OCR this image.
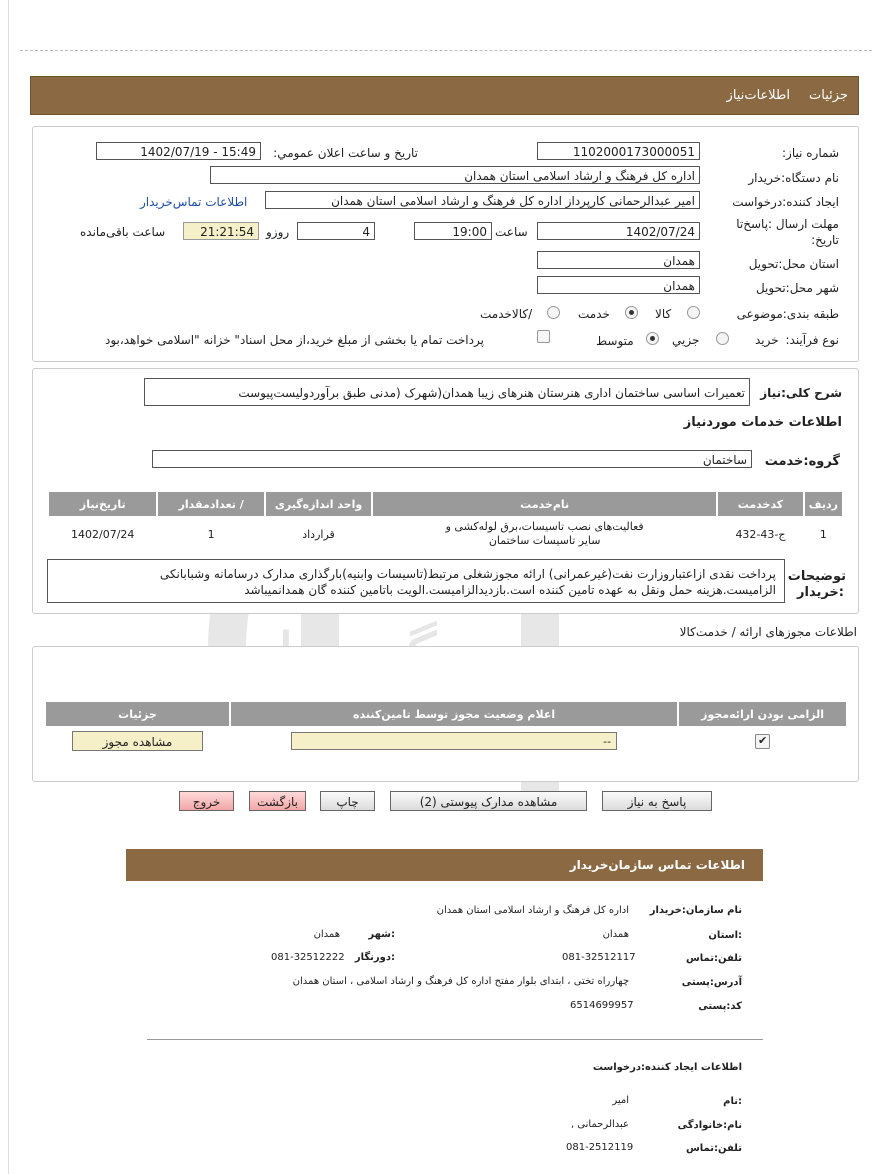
جزئیات
اطلاعات‌نیاز
شماره نیاز:
1102000173000051
تاریخ و ساعت اعلان عمومي:
1402/07/19 - 15:49
نام دستگاه:خریدار
اداره کل فرهنگ و ارشاد اسلامی استان همدان
ایجاد کننده:درخواست
امیر عبدالرحمانی کارپرداز اداره کل فرهنگ و ارشاد اسلامی استان همدان
اطلاعات تماس‌خریدار
مهلت ارسال :پاسخ‌تا
تاریخ:
1402/07/24
ساعت
19:00
4
روزو
21:21:54
ساعت باقی‌مانده
استان محل:تحویل
همدان
شهر محل:تحویل
همدان
طبقه بندی:موضوعی
کالا
خدمت
/کالاخدمت
نوع فرآیند:
خرید
جزیي
متوسط
پرداخت تمام یا بخشی از مبلغ خرید،از محل اسناد" خزانه "اسلامی خواهد،بود
شرح کلی:نیاز
تعمیرات اساسی ساختمان اداری هنرستان هنرهای زیبا همدان(شهرک (مدنی طبق برآوردولیست‌پیوست
اطلاعات خدمات موردنیاز
گروه:خدمت
ساختمان
ردیف	کدخدمت	نام‌خدمت	واحد اندازه‌گیری	/ تعدادمقدار	تاریخ‌نیاز
1	ج-43-432	فعالیت‌های نصب تاسیسات،برق لوله‌کشی و
سایر تاسیسات ساختمان	قرارداد	1	1402/07/24
توضیحات
:خریدار
پرداخت نقدی ازاعتباروزارت نفت(غیرعمرانی) ارائه مجوزشغلی مرتبط(تاسیسات وابنیه)بارگذاری مدارک درسامانه وشبابانکی
الزامیست.هزینه حمل ونقل به عهده تامین کننده است.بازدیدالزامیست.الویت باتامین کننده گان همدانمیباشد
اطلاعات مجوزهای ارائه / خدمت‌کالا
الزامی بودن ارائه‌مجوز	اعلام وضعیت مجوز توسط تامین‌کننده	جزئیات
✔	--	مشاهده مجوز
پاسخ به نیاز
مشاهده مدارک پیوستی (2)
چاپ
بازگشت
خروج
اطلاعات تماس سازمان‌خریدار
نام سازمان:خریدار
اداره کل فرهنگ و ارشاد اسلامی استان همدان
:استان
همدان
:شهر
همدان
تلفن:تماس
081-32512117
:دورنگار
081-32512222
آدرس:پستی
چهارراه تختی ، ابتدای بلوار مفتح اداره کل فرهنگ و ارشاد اسلامی ، استان همدان
کد:پستی
6514699957
اطلاعات ایجاد کننده:درخواست
:نام
امیر
نام:خانوادگی
عبدالرحمانی ,
تلفن:تماس
081-2512119
